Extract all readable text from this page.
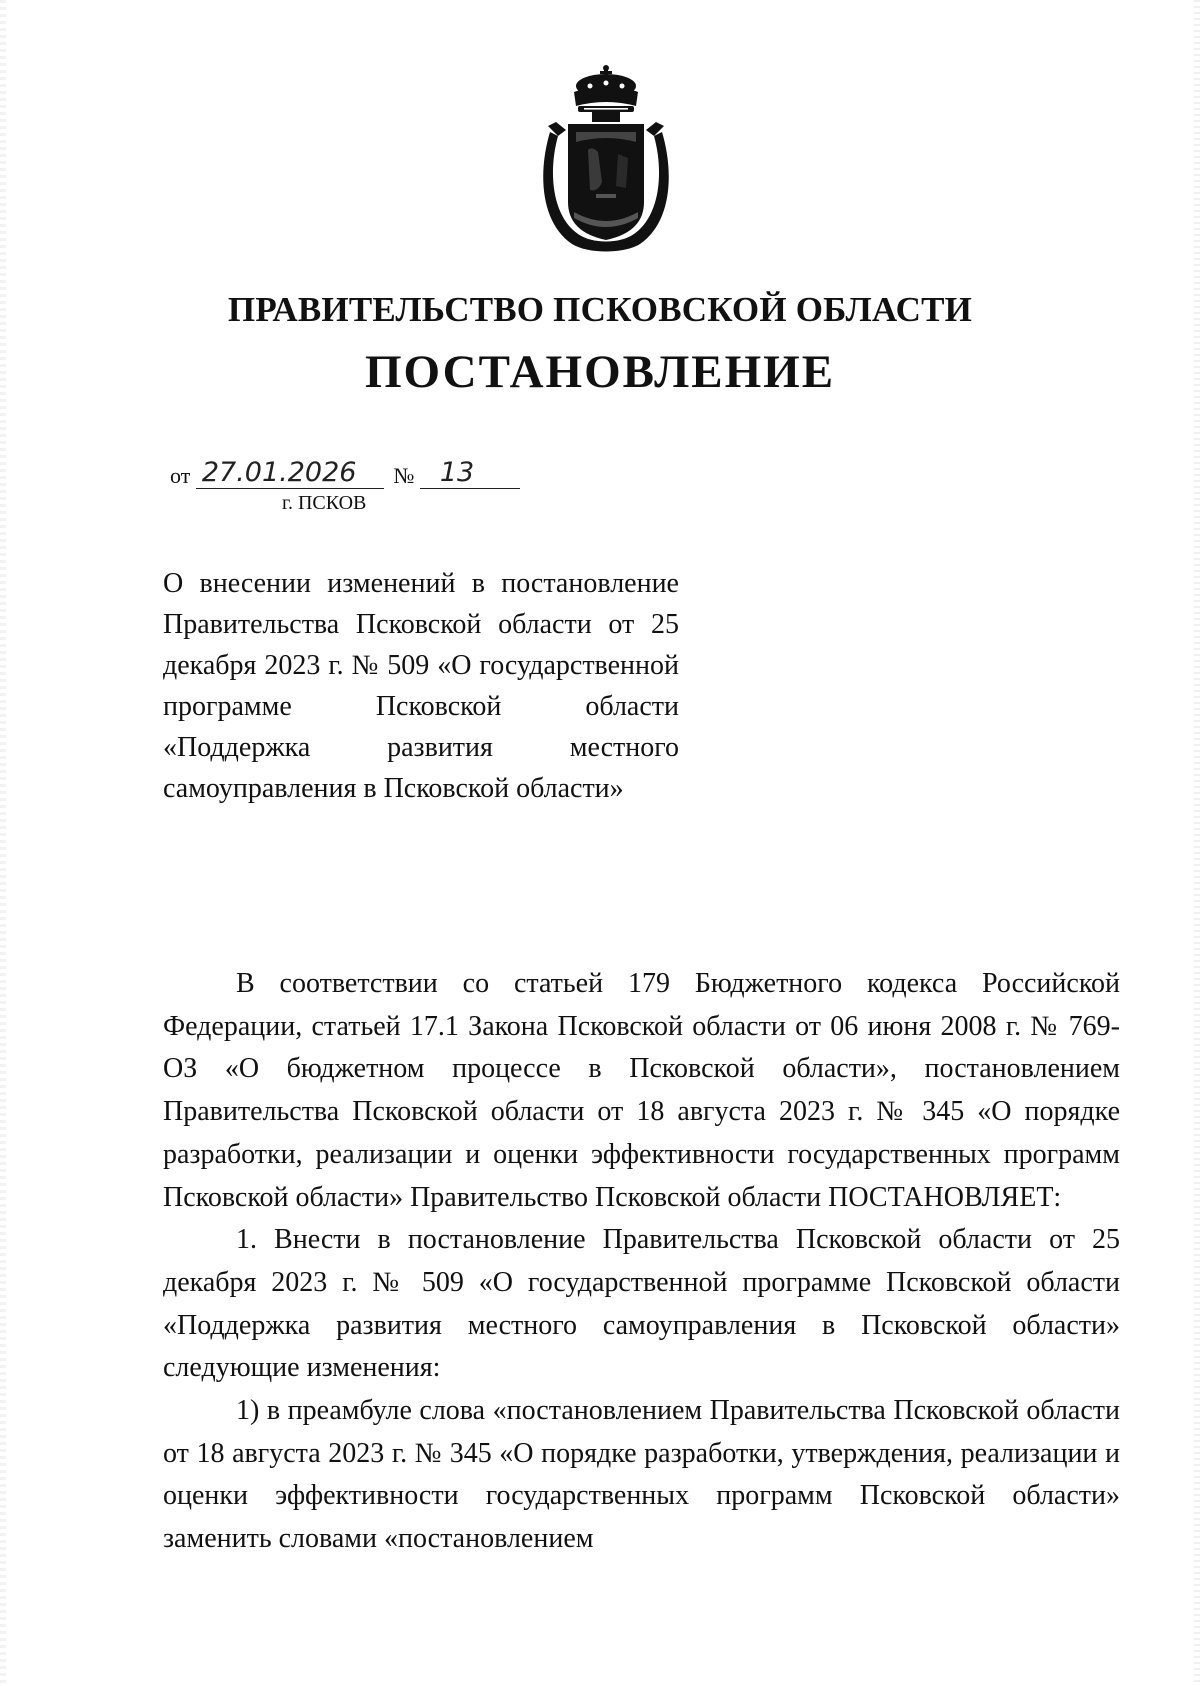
ПРАВИТЕЛЬСТВО ПСКОВСКОЙ ОБЛАСТИ
ПОСТАНОВЛЕНИЕ
от 27.01.2026 № 13
г. ПСКОВ
О внесении изменений в постановление Правительства Псковской области от 25 декабря 2023 г. № 509 «О государственной программе Псковской области «Поддержка развития местного самоуправления в Псковской области»

В соответствии со статьей 179 Бюджетного кодекса Российской Федерации, статьей 17.1 Закона Псковской области от 06 июня 2008 г. № 769-ОЗ «О бюджетном процессе в Псковской области», постановлением Правительства Псковской области от 18 августа 2023 г. № 345 «О порядке разработки, реализации и оценки эффективности государственных программ Псковской области» Правительство Псковской области ПОСТАНОВЛЯЕТ:

1. Внести в постановление Правительства Псковской области от 25 декабря 2023 г. № 509 «О государственной программе Псковской области «Поддержка развития местного самоуправления в Псковской области» следующие изменения:

1) в преамбуле слова «постановлением Правительства Псковской области от 18 августа 2023 г. № 345 «О порядке разработки, утверждения, реализации и оценки эффективности государственных программ Псковской области» заменить словами «постановлением
